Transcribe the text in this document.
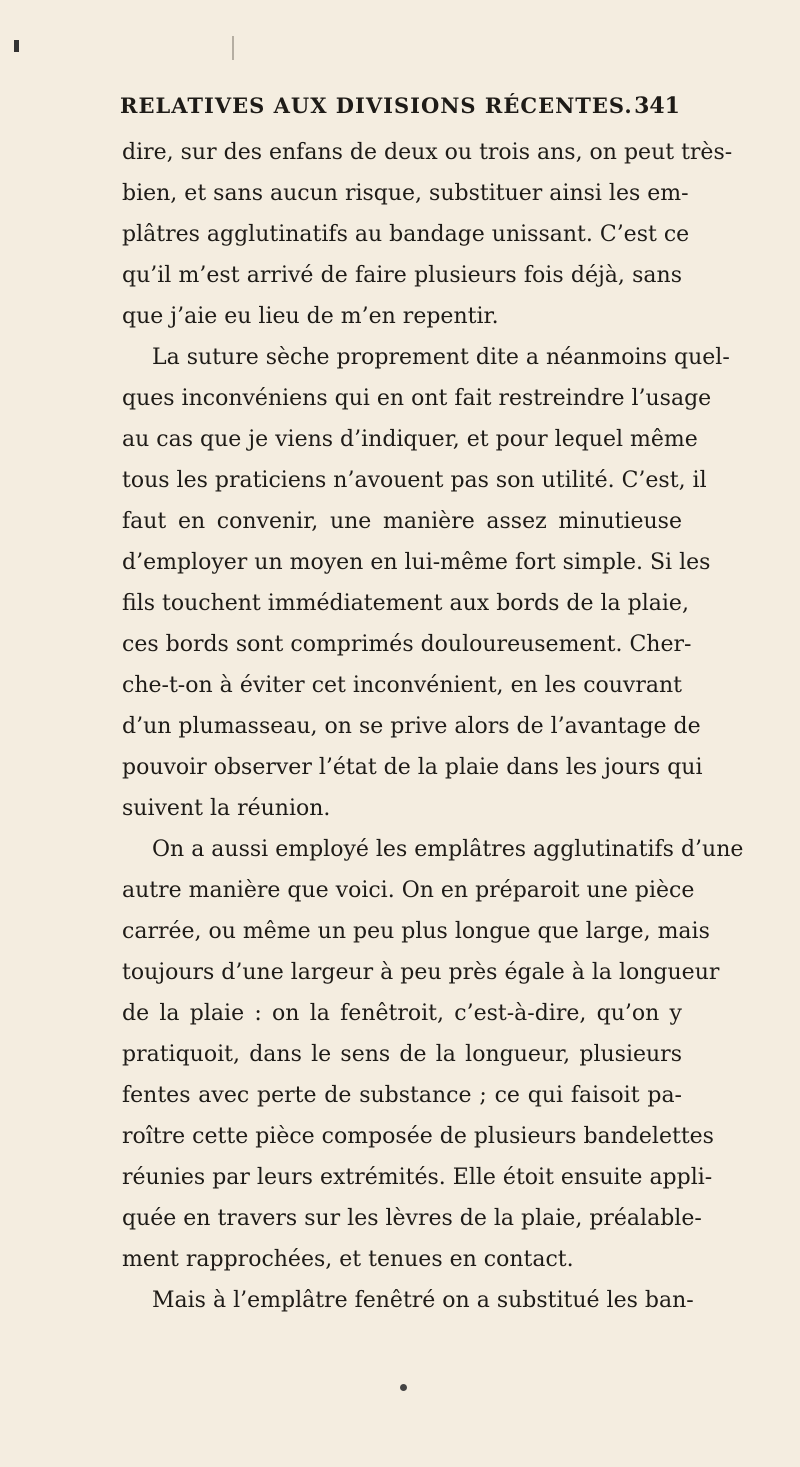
RELATIVES AUX DIVISIONS RÉCENTES. 341
dire, sur des enfans de deux ou trois ans, on peut très-
bien, et sans aucun risque, substituer ainsi les em-
plâtres agglutinatifs au bandage unissant. C’est ce
qu’il m’est arrivé de faire plusieurs fois déjà, sans
que j’aie eu lieu de m’en repentir.
La suture sèche proprement dite a néanmoins quel-
ques inconvéniens qui en ont fait restreindre l’usage
au cas que je viens d’indiquer, et pour lequel même
tous les praticiens n’avouent pas son utilité. C’est, il
faut en convenir, une manière assez minutieuse
d’employer un moyen en lui-même fort simple. Si les
fils touchent immédiatement aux bords de la plaie,
ces bords sont comprimés douloureusement. Cher-
che-t-on à éviter cet inconvénient, en les couvrant
d’un plumasseau, on se prive alors de l’avantage de
pouvoir observer l’état de la plaie dans les jours qui
suivent la réunion.
On a aussi employé les emplâtres agglutinatifs d’une
autre manière que voici. On en préparoit une pièce
carrée, ou même un peu plus longue que large, mais
toujours d’une largeur à peu près égale à la longueur
de la plaie : on la fenêtroit, c’est-à-dire, qu’on y
pratiquoit, dans le sens de la longueur, plusieurs
fentes avec perte de substance ; ce qui faisoit pa-
roître cette pièce composée de plusieurs bandelettes
réunies par leurs extrémités. Elle étoit ensuite appli-
quée en travers sur les lèvres de la plaie, préalable-
ment rapprochées, et tenues en contact.
Mais à l’emplâtre fenêtré on a substitué les ban-
